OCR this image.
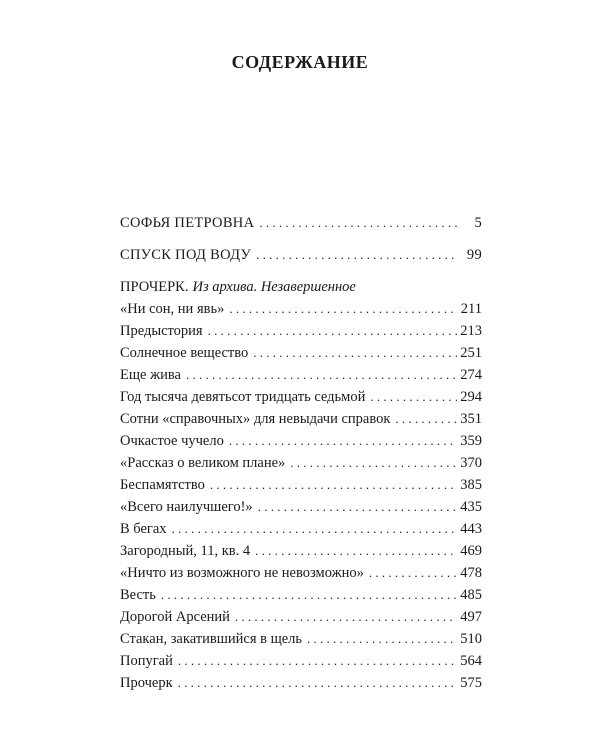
СОДЕРЖАНИЕ
СОФЬЯ ПЕТРОВНА . . .	5
СПУСК ПОД ВОДУ . . .	99
ПРОЧЕРК. Из архива. Незавершенное
«Ни сон, ни явь» . . .	211
Предыстория . . .	213
Солнечное вещество . . .	251
Еще жива . . .	274
Год тысяча девятьсот тридцать седьмой . . .	294
Сотни «справочных» для невыдачи справок . . .	351
Очкастое чучело . . .	359
«Рассказ о великом плане» . . .	370
Беспамятство . . .	385
«Всего наилучшего!» . . .	435
В бегах . . .	443
Загородный, 11, кв. 4 . . .	469
«Ничто из возможного не невозможно» . . .	478
Весть . . .	485
Дорогой Арсений . . .	497
Стакан, закатившийся в щель . . .	510
Попугай . . .	564
Прочерк . . .	575
